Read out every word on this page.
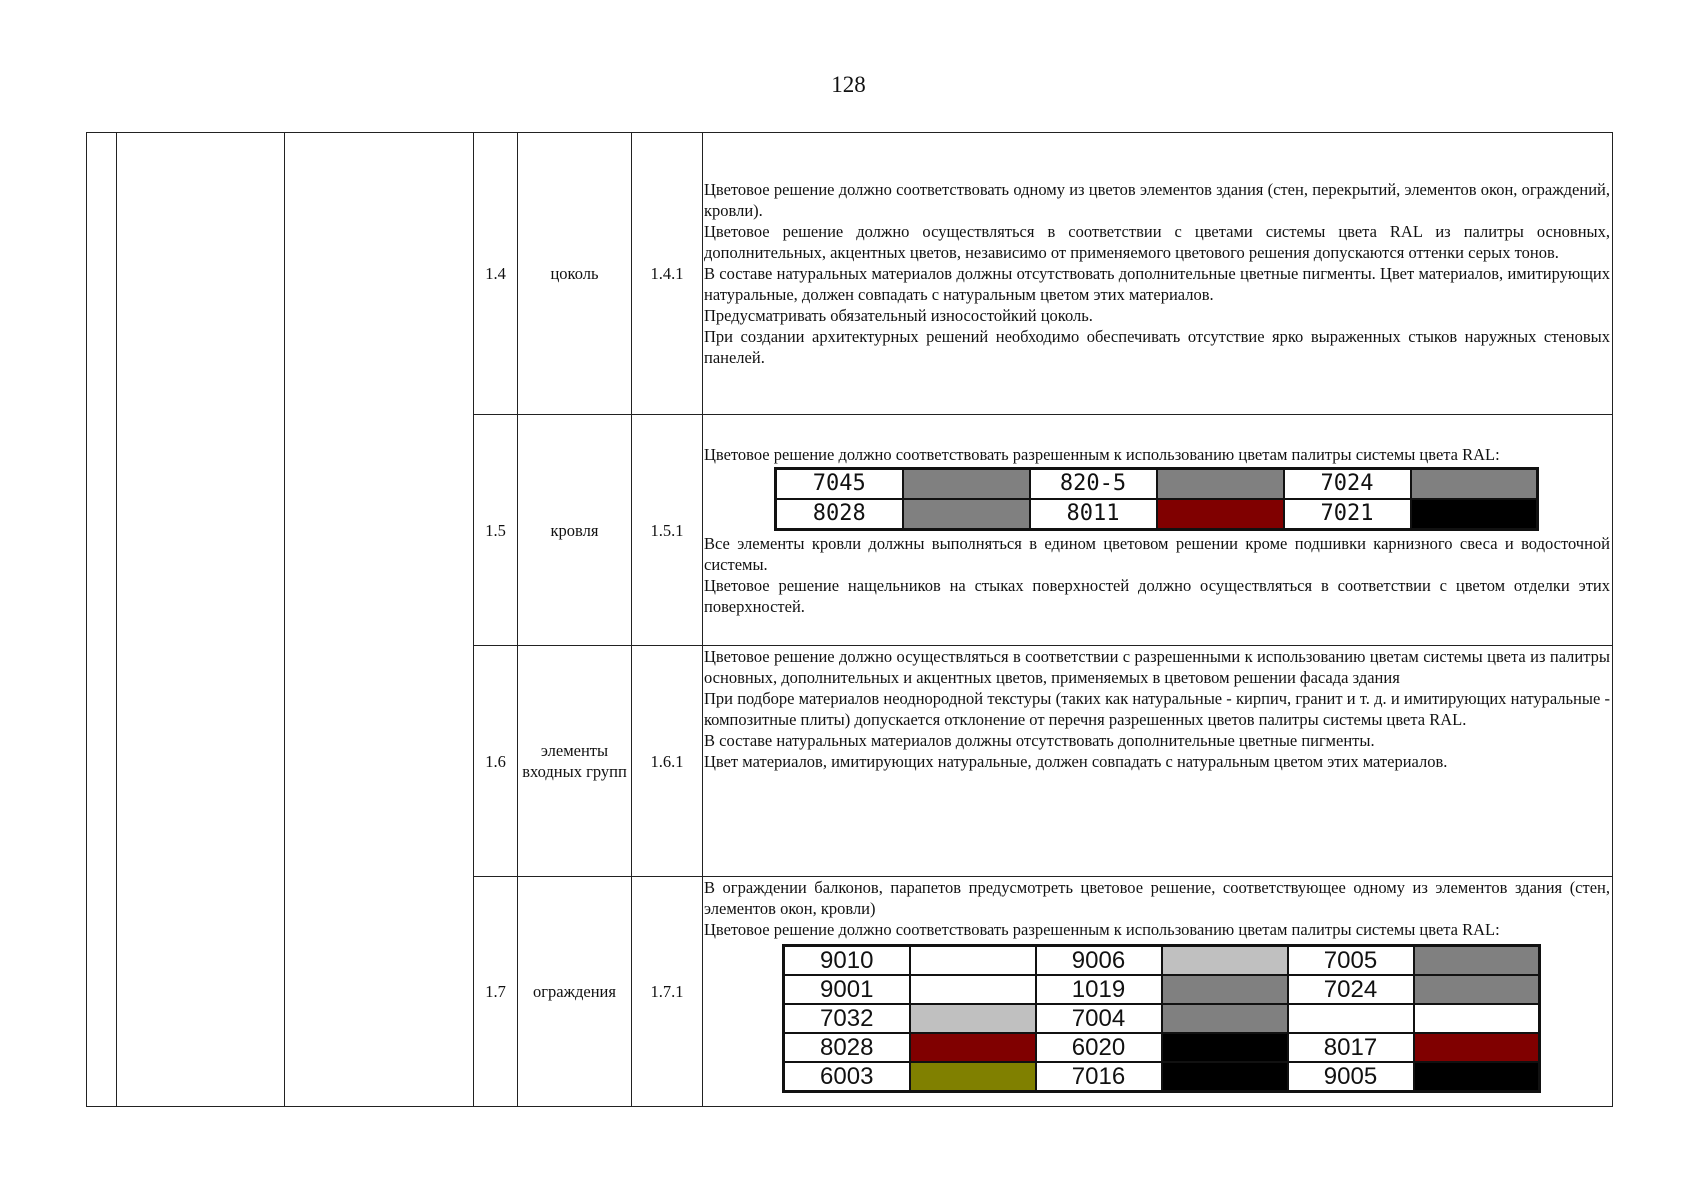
128
			1.4	цоколь	1.4.1	

Цветовое решение должно соответствовать одному из цветов элементов здания (стен, перекрытий, элементов окон, ограждений, кровли).

Цветовое решение должно осуществляться в соответствии с цветами системы цвета RAL из палитры основных, дополнительных, акцентных цветов, независимо от применяемого цветового решения допускаются оттенки серых тонов.

В составе натуральных материалов должны отсутствовать дополнительные цветные пигменты. Цвет материалов, имитирующих натуральные, должен совпадать с натуральным цветом этих материалов.

Предусматривать обязательный износостойкий цоколь.

При создании архитектурных решений необходимо обеспечивать отсутствие ярко выраженных стыков наружных стеновых панелей.

1.5	кровля	1.5.1	

Цветовое решение должно соответствовать разрешенным к использованию цветам палитры системы цвета RAL:

7045		820-5		7024	
8028		8011		7021	

Все элементы кровли должны выполняться в едином цветовом решении кроме подшивки карнизного свеса и водосточной системы.

Цветовое решение нащельников на стыках поверхностей должно осуществляться в соответствии с цветом отделки этих поверхностей.

1.6	элементы входных групп	1.6.1	

Цветовое решение должно осуществляться в соответствии с разрешенными к использованию цветам системы цвета из палитры основных, дополнительных и акцентных цветов, применяемых в цветовом решении фасада здания

При подборе материалов неоднородной текстуры (таких как натуральные - кирпич, гранит и т. д. и имитирующих натуральные - композитные плиты) допускается отклонение от перечня разрешенных цветов палитры системы цвета RAL.

В составе натуральных материалов должны отсутствовать дополнительные цветные пигменты.

Цвет материалов, имитирующих натуральные, должен совпадать с натуральным цветом этих материалов.

1.7	ограждения	1.7.1	

В ограждении балконов, парапетов предусмотреть цветовое решение, соответствующее одному из элементов здания (стен, элементов окон, кровли)

Цветовое решение должно соответствовать разрешенным к использованию цветам палитры системы цвета RAL:

9010		9006		7005	
9001		1019		7024	
7032		7004			
8028		6020		8017	
6003		7016		9005	
